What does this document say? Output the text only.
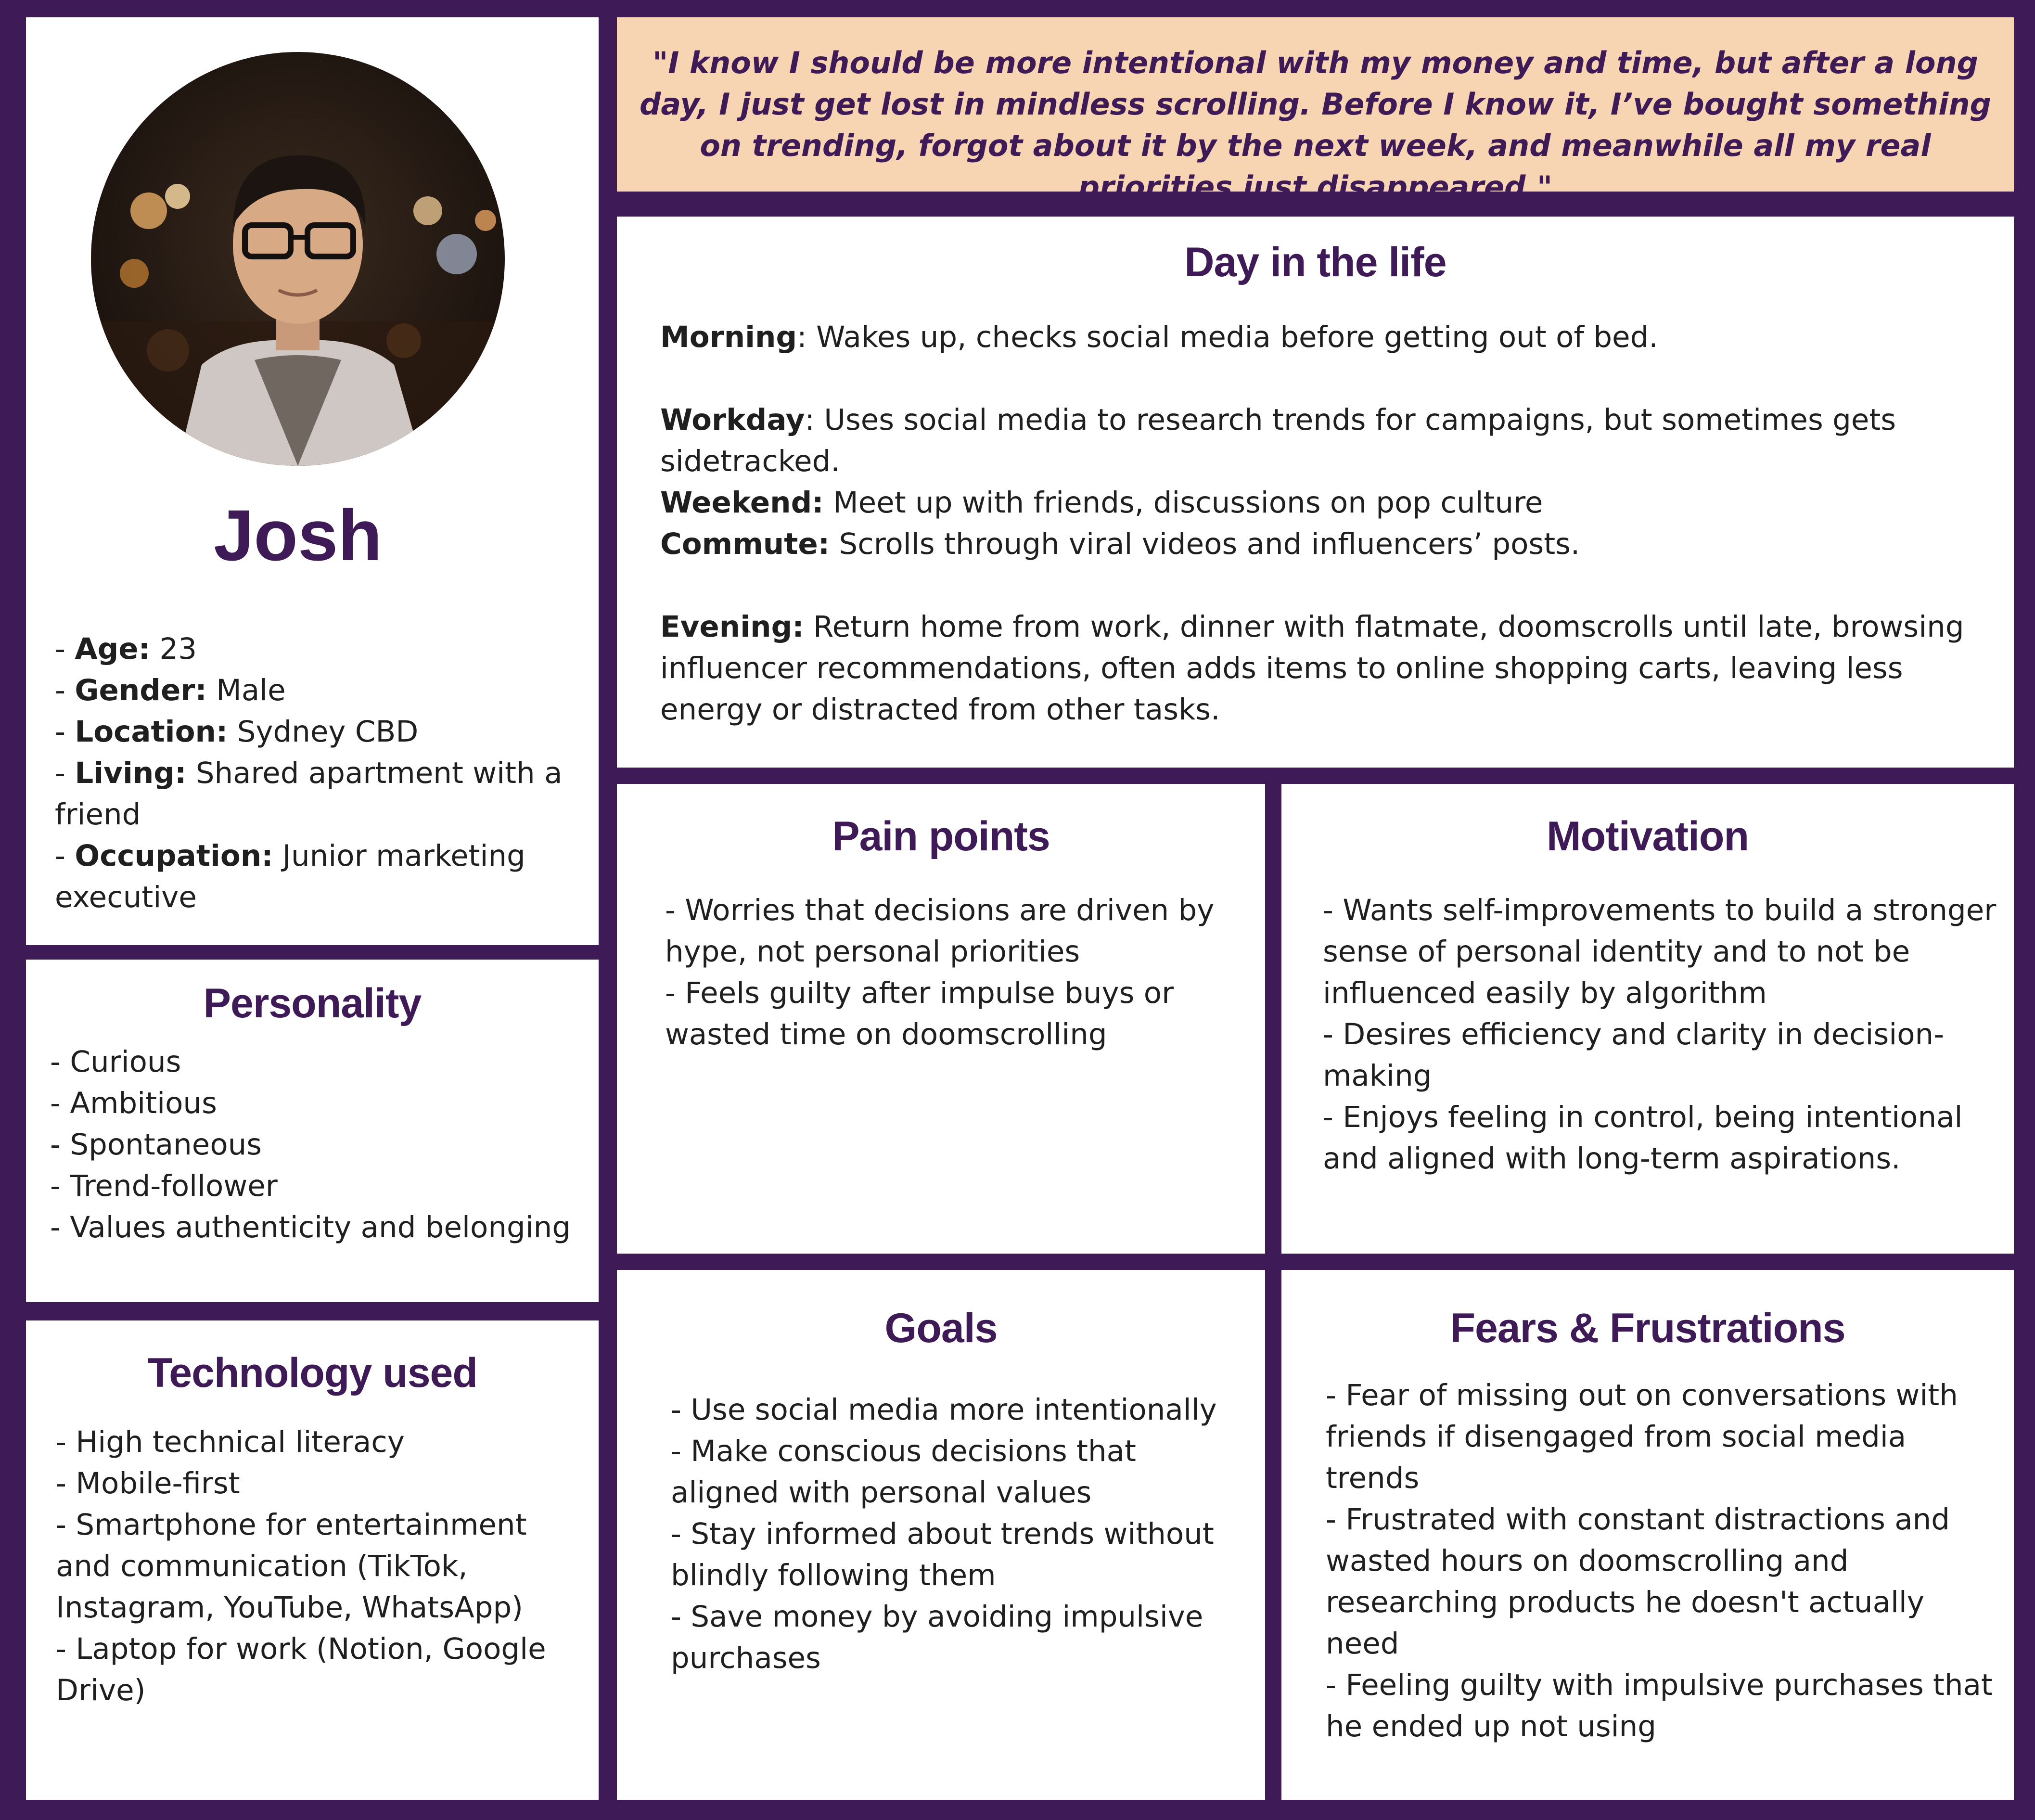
Josh
- Age: 23
- Gender: Male
- Location: Sydney CBD
- Living: Shared apartment with a friend
- Occupation: Junior marketing executive
Personality
- Curious
- Ambitious
- Spontaneous
- Trend-follower
- Values authenticity and belonging
Technology used
- High technical literacy
- Mobile-first
- Smartphone for entertainment and communication (TikTok, Instagram, YouTube, WhatsApp)
- Laptop for work (Notion, Google Drive)

"I know I should be more intentional with my money and time, but after a long day, I just get lost in mindless scrolling. Before I know it, I’ve bought something on trending, forgot about it by the next week, and meanwhile all my real priorities just disappeared."

Day in the life

Morning: Wakes up, checks social media before getting out of bed.

Workday: Uses social media to research trends for campaigns, but sometimes gets sidetracked.

Weekend: Meet up with friends, discussions on pop culture

Commute: Scrolls through viral videos and influencers’ posts.

Evening: Return home from work, dinner with flatmate, doomscrolls until late, browsing influencer recommendations, often adds items to online shopping carts, leaving less energy or distracted from other tasks.

Pain points
- Worries that decisions are driven by hype, not personal priorities
- Feels guilty after impulse buys or wasted time on doomscrolling
Motivation
- Wants self-improvements to build a stronger sense of personal identity and to not be influenced easily by algorithm
- Desires efficiency and clarity in decision-making
- Enjoys feeling in control, being intentional and aligned with long-term aspirations.
Goals
- Use social media more intentionally
- Make conscious decisions that aligned with personal values
- Stay informed about trends without blindly following them
- Save money by avoiding impulsive purchases
Fears & Frustrations
- Fear of missing out on conversations with friends if disengaged from social media trends
- Frustrated with constant distractions and wasted hours on doomscrolling and researching products he doesn't actually need
- Feeling guilty with impulsive purchases that he ended up not using
